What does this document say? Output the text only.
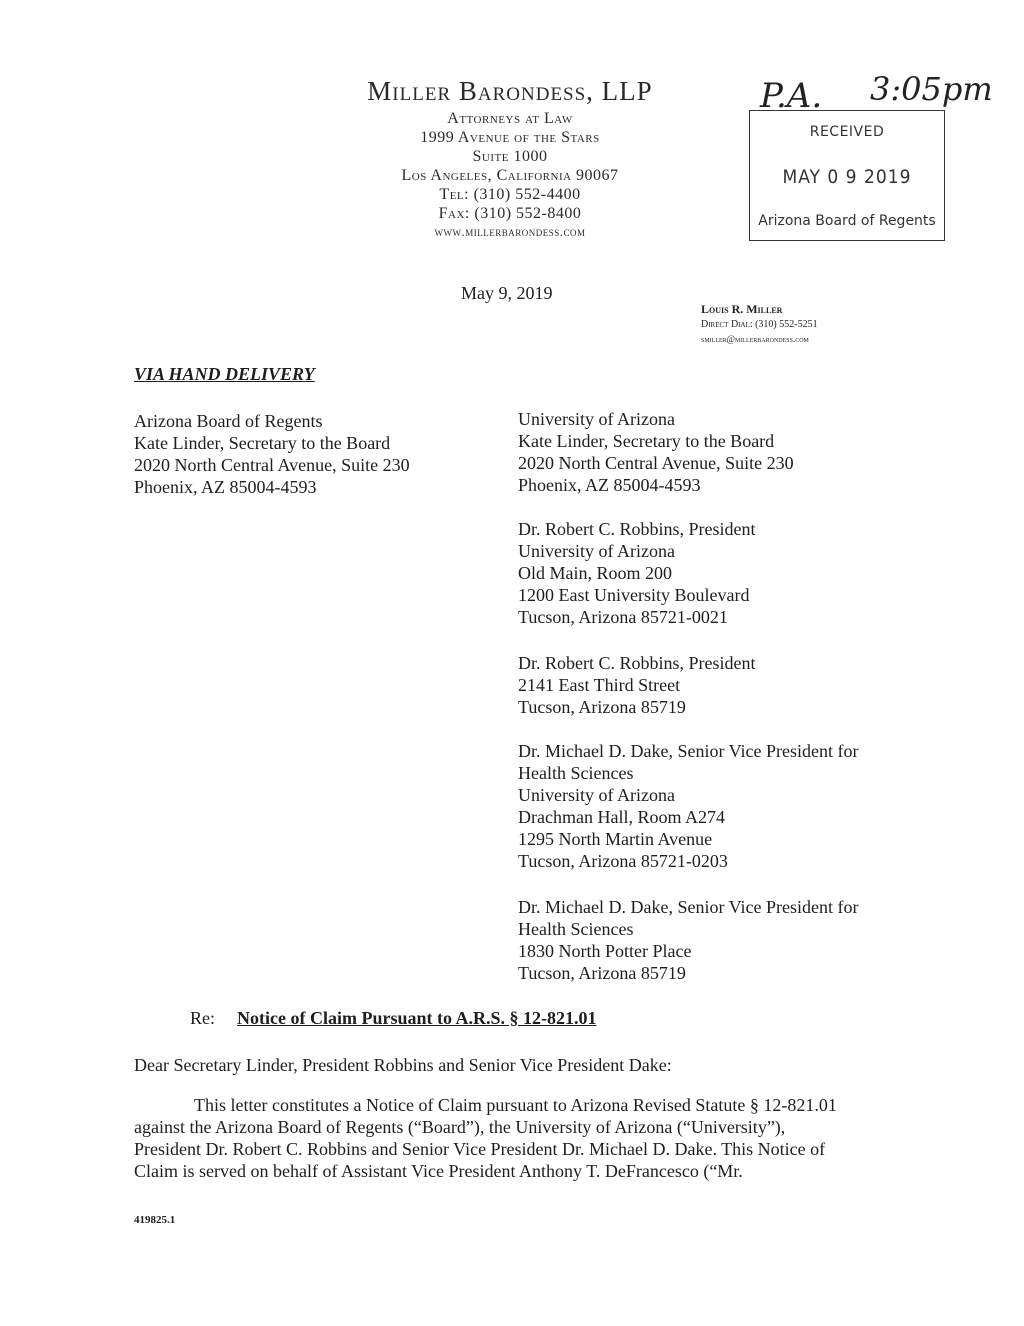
Miller Barondess, LLP
Attorneys at Law
1999 Avenue of the Stars
Suite 1000
Los Angeles, California 90067
Tel: (310) 552-4400
Fax: (310) 552-8400
www.millerbarondess.com
RECEIVED
MAY 0 9 2019
Arizona Board of Regents
P.A. 3:05pm
May 9, 2019
Louis R. Miller
Direct Dial: (310) 552-5251
smiller@millerbarondess.com
VIA HAND DELIVERY
Arizona Board of Regents
Kate Linder, Secretary to the Board
2020 North Central Avenue, Suite 230
Phoenix, AZ 85004-4593
University of Arizona
Kate Linder, Secretary to the Board
2020 North Central Avenue, Suite 230
Phoenix, AZ 85004-4593
Dr. Robert C. Robbins, President
University of Arizona
Old Main, Room 200
1200 East University Boulevard
Tucson, Arizona 85721-0021
Dr. Robert C. Robbins, President
2141 East Third Street
Tucson, Arizona 85719
Dr. Michael D. Dake, Senior Vice President for
Health Sciences
University of Arizona
Drachman Hall, Room A274
1295 North Martin Avenue
Tucson, Arizona 85721-0203
Dr. Michael D. Dake, Senior Vice President for
Health Sciences
1830 North Potter Place
Tucson, Arizona 85719
Re: Notice of Claim Pursuant to A.R.S. § 12-821.01
Dear Secretary Linder, President Robbins and Senior Vice President Dake:
This letter constitutes a Notice of Claim pursuant to Arizona Revised Statute § 12-821.01
against the Arizona Board of Regents (“Board”), the University of Arizona (“University”),
President Dr. Robert C. Robbins and Senior Vice President Dr. Michael D. Dake. This Notice of
Claim is served on behalf of Assistant Vice President Anthony T. DeFrancesco (“Mr.
419825.1
